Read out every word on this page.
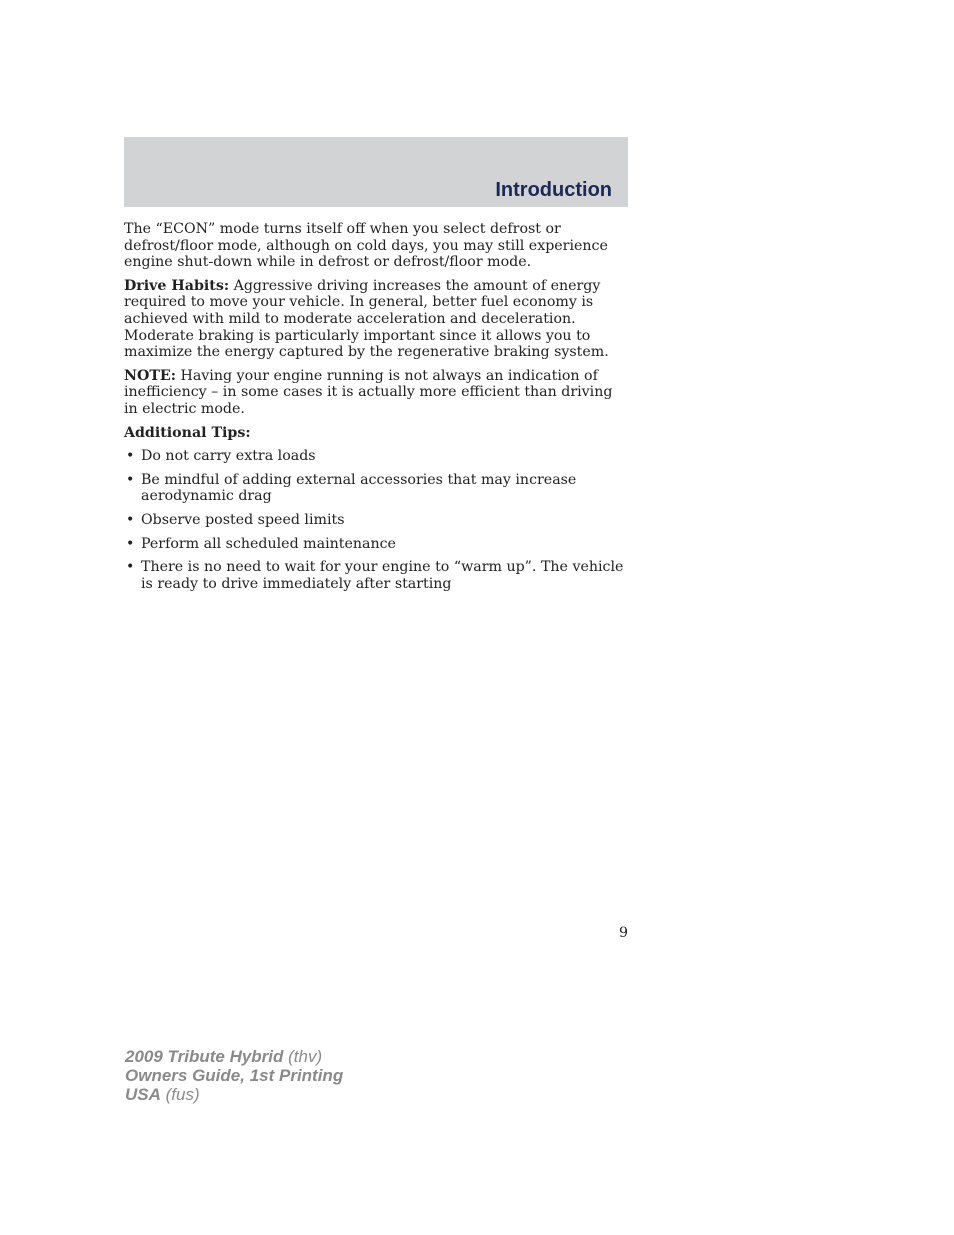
Introduction

The “ECON” mode turns itself off when you select defrost or defrost/floor mode, although on cold days, you may still experience engine shut-down while in defrost or defrost/floor mode.

Drive Habits: Aggressive driving increases the amount of energy required to move your vehicle. In general, better fuel economy is achieved with mild to moderate acceleration and deceleration. Moderate braking is particularly important since it allows you to maximize the energy captured by the regenerative braking system.

NOTE: Having your engine running is not always an indication of inefficiency – in some cases it is actually more efficient than driving in electric mode.

Additional Tips:

• Do not carry extra loads
• Be mindful of adding external accessories that may increase aerodynamic drag
• Observe posted speed limits
• Perform all scheduled maintenance
• There is no need to wait for your engine to “warm up”. The vehicle is ready to drive immediately after starting
9
2009 Tribute Hybrid (thv)
Owners Guide, 1st Printing
USA (fus)
